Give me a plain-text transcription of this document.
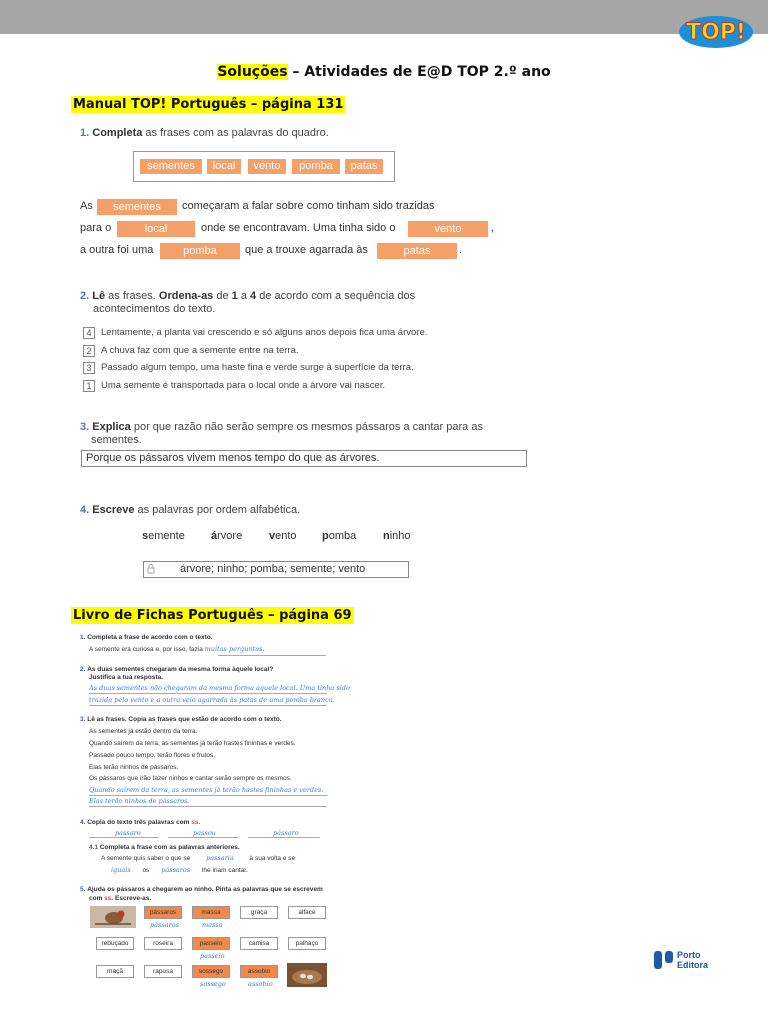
TOP!
Soluções – Atividades de E@D TOP 2.º ano
Manual TOP! Português – página 131
1. Completa as frases com as palavras do quadro.
sementes	local	vento	pomba	patas
As	sementes	começaram a falar sobre como tinham sido trazidas
para o	local	onde se encontravam. Uma tinha sido o	vento	,
a outra foi uma	pomba	que a trouxe agarrada às	patas	.
2. Lê as frases. Ordena-as de 1 a 4 de acordo com a sequência dos
acontecimentos do texto.
4	Lentamente, a planta vai crescendo e só alguns anos depois fica uma árvore.
2	A chuva faz com que a semente entre na terra.
3	Passado algum tempo, uma haste fina e verde surge à superfície da terra.
1	Uma semente é transportada para o local onde a árvore vai nascer.
3. Explica por que razão não serão sempre os mesmos pássaros a cantar para as
sementes.
Porque os pássaros vivem menos tempo do que as árvores.
4. Escreve as palavras por ordem alfabética.
semente árvore vento pomba ninho
árvore; ninho; pomba; semente; vento
Livro de Fichas Português – página 69
1. Completa a frase de acordo com o texto.
A semente era curiosa e, por isso, fazia muitas perguntas.
2. As duas sementes chegaram da mesma forma àquele local?
Justifica a tua resposta.
As duas sementes não chegaram da mesma forma àquele local. Uma tinha sido
trazida pelo vento e a outra veio agarrada às patas de uma pomba branca.
3. Lê as frases. Copia as frases que estão de acordo com o texto.
As sementes já estão dentro da terra.
Quando saírem da terra, as sementes já terão hastes fininhas e verdes.
Passado pouco tempo, terão flores e frutos.
Elas terão ninhos de pássaros.
Os pássaros que irão fazer ninhos e cantar serão sempre os mesmos.
Quando saírem da terra, as sementes já terão hastes fininhas e verdes.
Elas terão ninhos de pássaros.
4. Copia do texto três palavras com ss.
passaro	passou	pássaro
4.1 Completa a frase com as palavras anteriores.
A semente quis saber o que se passaria à sua volta e se
iguais os pássaros lhe iriam cantar.
5. Ajuda os pássaros a chegarem ao ninho. Pinta as palavras que se escrevem
com ss. Escreve-as.
pássaros	massa	graça	alface
pássaros	massa
rebuçado	roseira	passeio	camisa	palhaço
passeio
maçã	raposa	sossego	assobio
sossego	assobio
Porto
Editora
